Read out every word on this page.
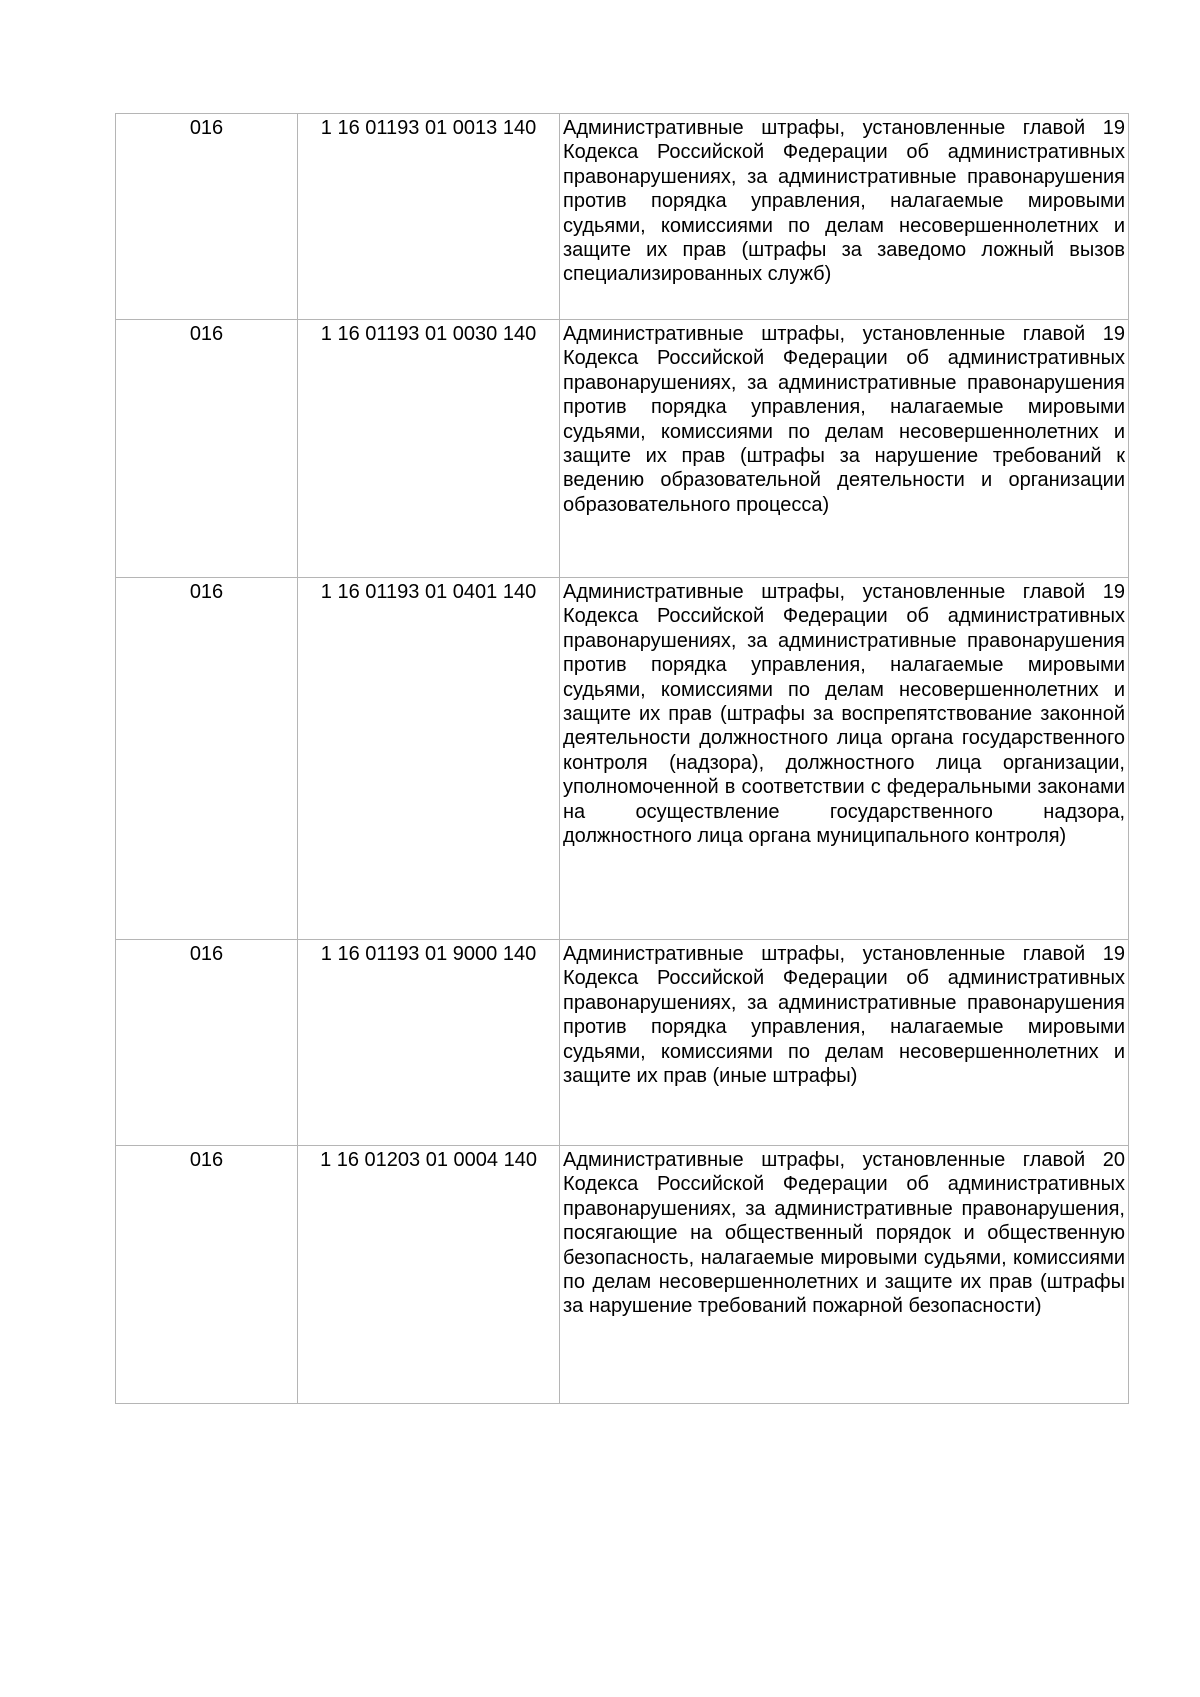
016	1 16 01193 01 0013 140	Административные штрафы, установленные главой 19 Кодекса Российской Федерации об административных правонарушениях, за административные правонарушения против порядка управления, налагаемые мировыми судьями, комиссиями по делам несовершеннолетних и защите их прав (штрафы за заведомо ложный вызов специализированных служб)
016	1 16 01193 01 0030 140	Административные штрафы, установленные главой 19 Кодекса Российской Федерации об административных правонарушениях, за административные правонарушения против порядка управления, налагаемые мировыми судьями, комиссиями по делам несовершеннолетних и защите их прав (штрафы за нарушение требований к ведению образовательной деятельности и организации образовательного процесса)
016	1 16 01193 01 0401 140	Административные штрафы, установленные главой 19 Кодекса Российской Федерации об административных правонарушениях, за административные правонарушения против порядка управления, налагаемые мировыми судьями, комиссиями по делам несовершеннолетних и защите их прав (штрафы за воспрепятствование законной деятельности должностного лица органа государственного контроля (надзора), должностного лица организации, уполномоченной в соответствии с федеральными законами на осуществление государственного надзора, должностного лица органа муниципального контроля)
016	1 16 01193 01 9000 140	Административные штрафы, установленные главой 19 Кодекса Российской Федерации об административных правонарушениях, за административные правонарушения против порядка управления, налагаемые мировыми судьями, комиссиями по делам несовершеннолетних и защите их прав (иные штрафы)
016	1 16 01203 01 0004 140	Административные штрафы, установленные главой 20 Кодекса Российской Федерации об административных правонарушениях, за административные правонарушения, посягающие на общественный порядок и общественную безопасность, налагаемые мировыми судьями, комиссиями по делам несовершеннолетних и защите их прав (штрафы за нарушение требований пожарной безопасности)
